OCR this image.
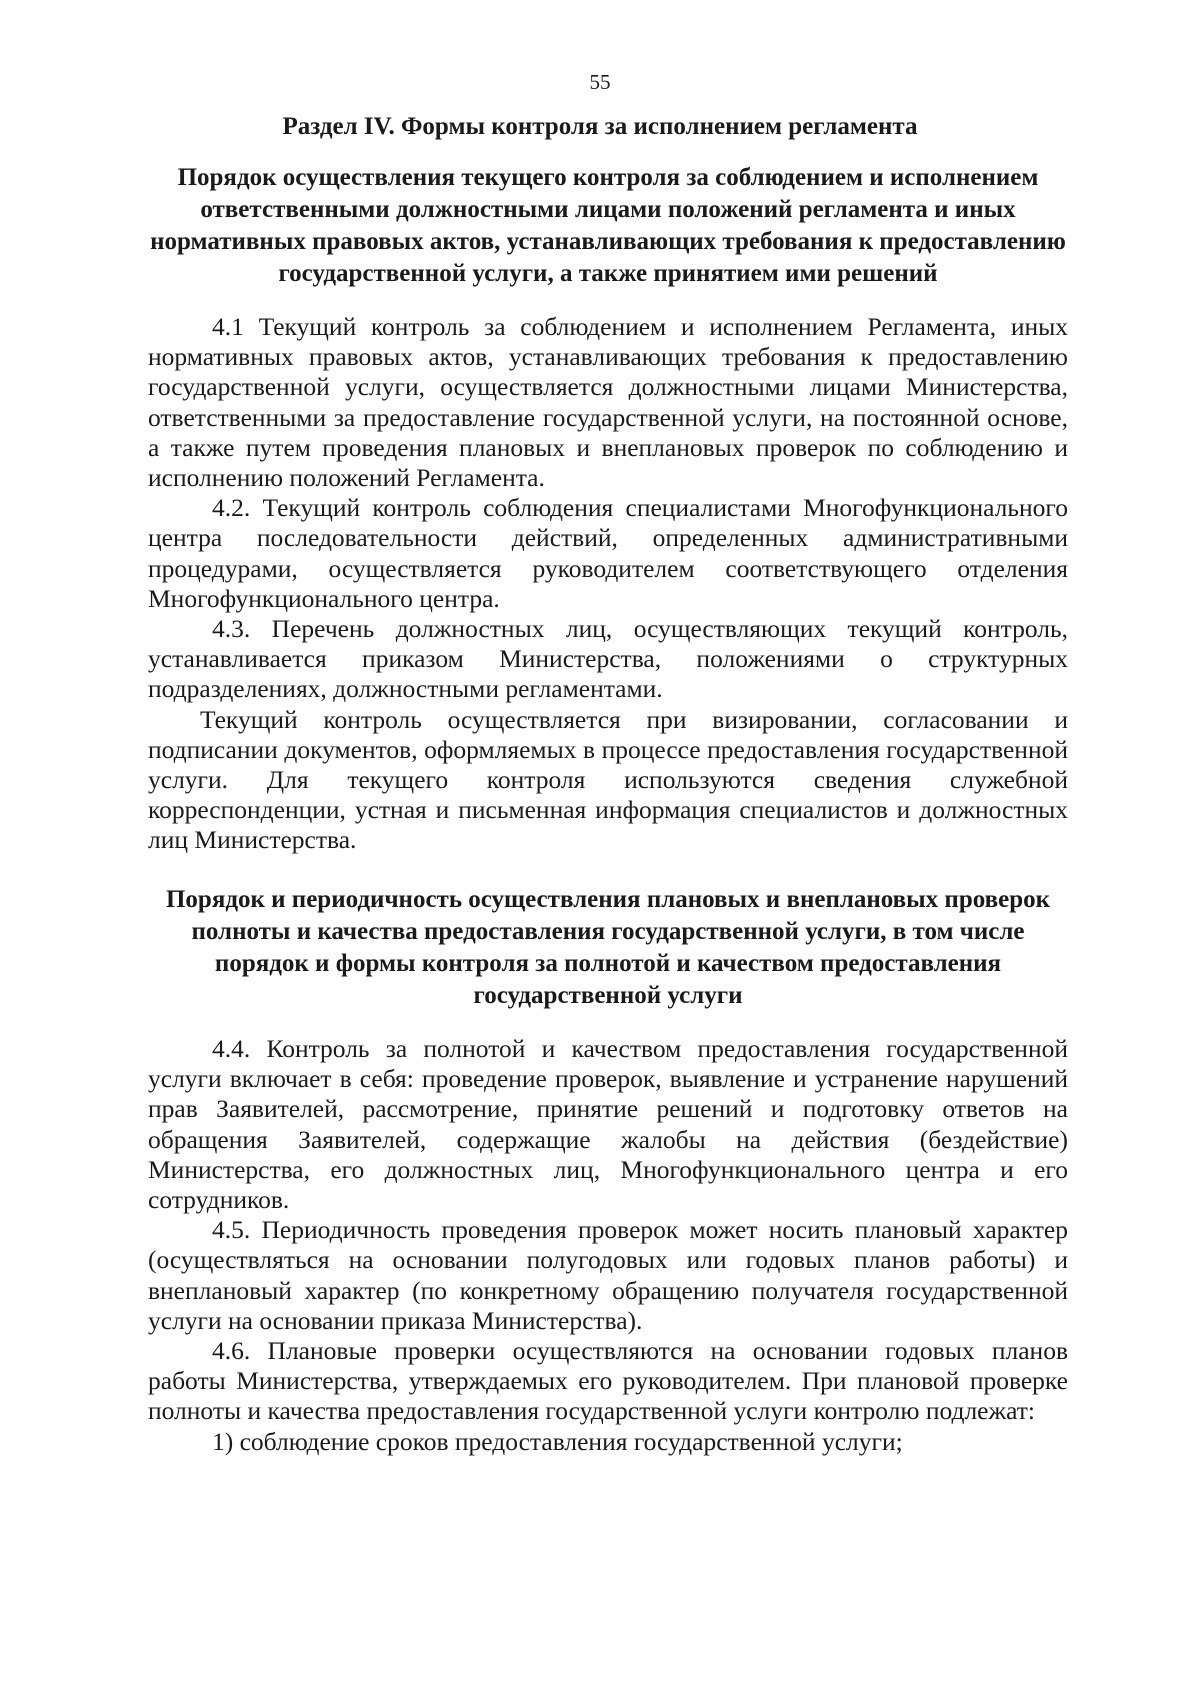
55
Раздел IV. Формы контроля за исполнением регламента
Порядок осуществления текущего контроля за соблюдением и исполнением ответственными должностными лицами положений регламента и иных нормативных правовых актов, устанавливающих требования к предоставлению государственной услуги, а также принятием ими решений

4.1 Текущий контроль за соблюдением и исполнением Регламента, иных нормативных правовых актов, устанавливающих требования к предоставлению государственной услуги, осуществляется должностными лицами Министерства, ответственными за предоставление государственной услуги, на постоянной основе, а также путем проведения плановых и внеплановых проверок по соблюдению и исполнению положений Регламента.

4.2. Текущий контроль соблюдения специалистами Многофункционального центра последовательности действий, определенных административными процедурами, осуществляется руководителем соответствующего отделения Многофункционального центра.

4.3. Перечень должностных лиц, осуществляющих текущий контроль, устанавливается приказом Министерства, положениями о структурных подразделениях, должностными регламентами.

Текущий контроль осуществляется при визировании, согласовании и подписании документов, оформляемых в процессе предоставления государственной услуги. Для текущего контроля используются сведения служебной корреспонденции, устная и письменная информация специалистов и должностных лиц Министерства.

Порядок и периодичность осуществления плановых и внеплановых проверок полноты и качества предоставления государственной услуги, в том числе порядок и формы контроля за полнотой и качеством предоставления государственной услуги

4.4. Контроль за полнотой и качеством предоставления государственной услуги включает в себя: проведение проверок, выявление и устранение нарушений прав Заявителей, рассмотрение, принятие решений и подготовку ответов на обращения Заявителей, содержащие жалобы на действия (бездействие) Министерства, его должностных лиц, Многофункционального центра и его сотрудников.

4.5. Периодичность проведения проверок может носить плановый характер (осуществляться на основании полугодовых или годовых планов работы) и внеплановый характер (по конкретному обращению получателя государственной услуги на основании приказа Министерства).

4.6. Плановые проверки осуществляются на основании годовых планов работы Министерства, утверждаемых его руководителем. При плановой проверке полноты и качества предоставления государственной услуги контролю подлежат:

1) соблюдение сроков предоставления государственной услуги;
